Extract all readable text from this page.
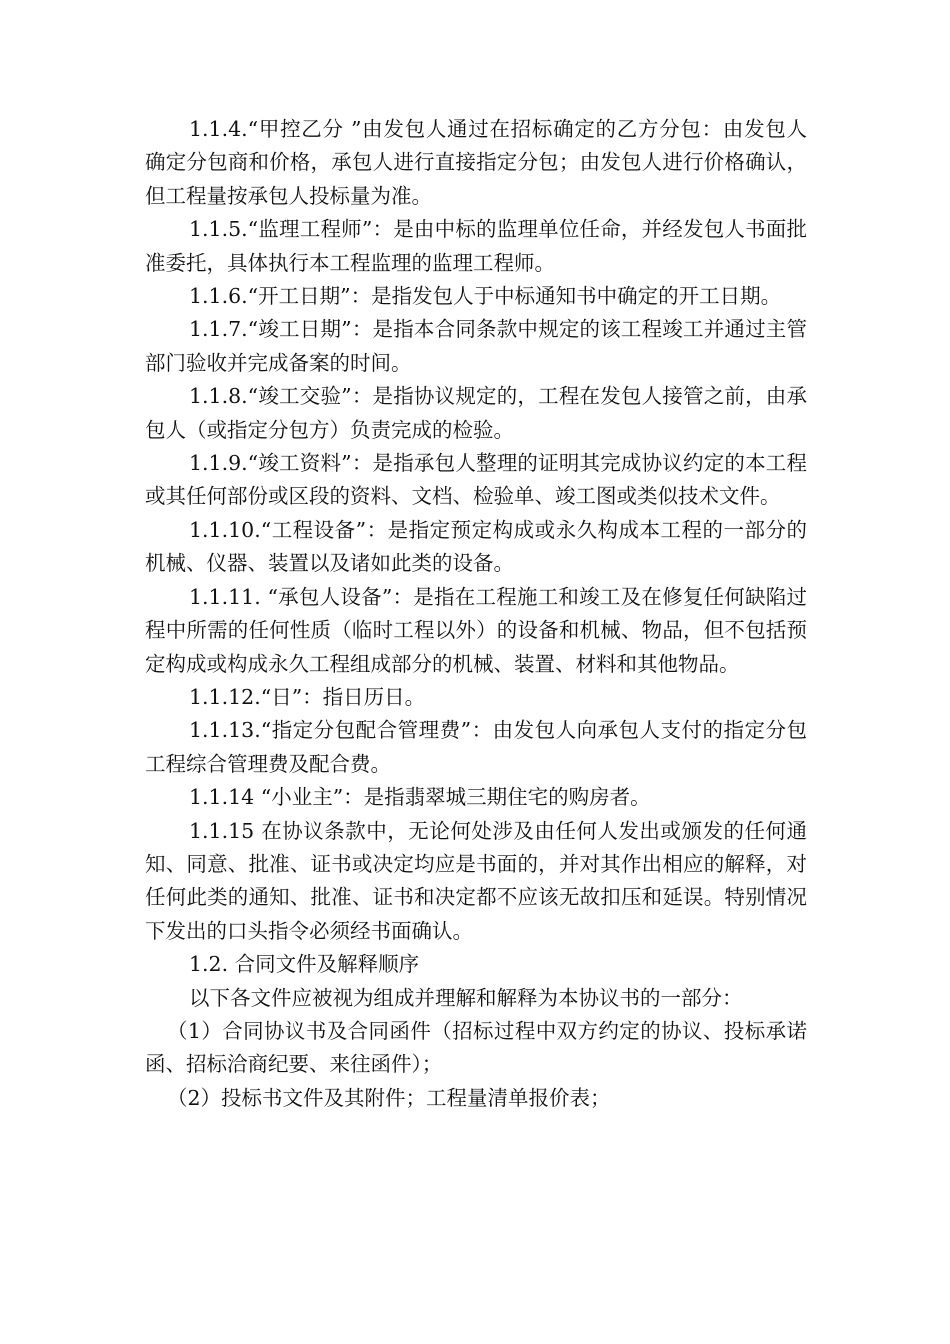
1.1.4.“甲控乙分 ”由发包人通过在招标确定的乙方分包：由发包人确定分包商和价格，承包人进行直接指定分包；由发包人进行价格确认，但工程量按承包人投标量为准。

1.1.5.“监理工程师”：是由中标的监理单位任命，并经发包人书面批准委托，具体执行本工程监理的监理工程师。

1.1.6.“开工日期”：是指发包人于中标通知书中确定的开工日期。

1.1.7.“竣工日期”：是指本合同条款中规定的该工程竣工并通过主管部门验收并完成备案的时间。

1.1.8.“竣工交验”：是指协议规定的，工程在发包人接管之前，由承包人（或指定分包方）负责完成的检验。

1.1.9.“竣工资料”：是指承包人整理的证明其完成协议约定的本工程或其任何部份或区段的资料、文档、检验单、竣工图或类似技术文件。

1.1.10.“工程设备”：是指定预定构成或永久构成本工程的一部分的机械、仪器、装置以及诸如此类的设备。

1.1.11. “承包人设备”：是指在工程施工和竣工及在修复任何缺陷过程中所需的任何性质（临时工程以外）的设备和机械、物品，但不包括预定构成或构成永久工程组成部分的机械、装置、材料和其他物品。

1.1.12.“日”：指日历日。

1.1.13.“指定分包配合管理费”：由发包人向承包人支付的指定分包工程综合管理费及配合费。

1.1.14 “小业主”：是指翡翠城三期住宅的购房者。

1.1.15 在协议条款中，无论何处涉及由任何人发出或颁发的任何通知、同意、批准、证书或决定均应是书面的，并对其作出相应的解释，对任何此类的通知、批准、证书和决定都不应该无故扣压和延误。特别情况下发出的口头指令必须经书面确认。

1.2. 合同文件及解释顺序

以下各文件应被视为组成并理解和解释为本协议书的一部分：

（1）合同协议书及合同函件（招标过程中双方约定的协议、投标承诺函、招标洽商纪要、来往函件）；

（2）投标书文件及其附件；工程量清单报价表；
